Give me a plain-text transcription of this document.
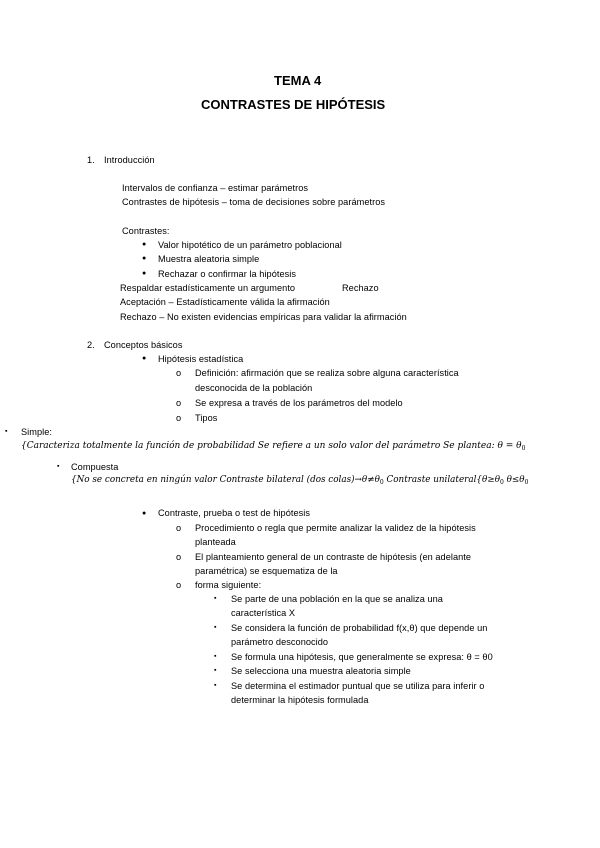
TEMA 4
CONTRASTES DE HIPÓTESIS
1. Introducción
Intervalos de confianza – estimar parámetros
Contrastes de hipótesis – toma de decisiones sobre parámetros
Contrastes:
● Valor hipotético de un parámetro poblacional
● Muestra aleatoria simple
● Rechazar o confirmar la hipótesis
Respaldar estadísticamente un argumento	Rechazo
Aceptación – Estadísticamente válida la afirmación
Rechazo – No existen evidencias empíricas para validar la afirmación
2. Conceptos básicos
● Hipótesis estadística
o Definición: afirmación que se realiza sobre alguna característica
desconocida de la población
o Se expresa a través de los parámetros del modelo
o Tipos
▪ Simple:
{Caracteriza totalmente la función de probabilidad Se refiere a un solo valor del parámetro Se plantea: $\theta = \theta_0$
▪ Compuesta
{No se concreta en ningún valor Contraste bilateral (dos $colas)\to\theta\ne\theta_0$ Contraste $unilateral\{\theta\ge\theta_0$ $\theta\le\theta_0$
● Contraste, prueba o test de hipótesis
o Procedimiento o regla que permite analizar la validez de la hipótesis
planteada
o El planteamiento general de un contraste de hipótesis (en adelante
paramétrica) se esquematiza de la
o forma siguiente:
▪ Se parte de una población en la que se analiza una
característica X
▪ Se considera la función de probabilidad f(x,θ) que depende un
parámetro desconocido
▪ Se formula una hipótesis, que generalmente se expresa: θ = θ0
▪ Se selecciona una muestra aleatoria simple
▪ Se determina el estimador puntual que se utiliza para inferir o
determinar la hipótesis formulada
